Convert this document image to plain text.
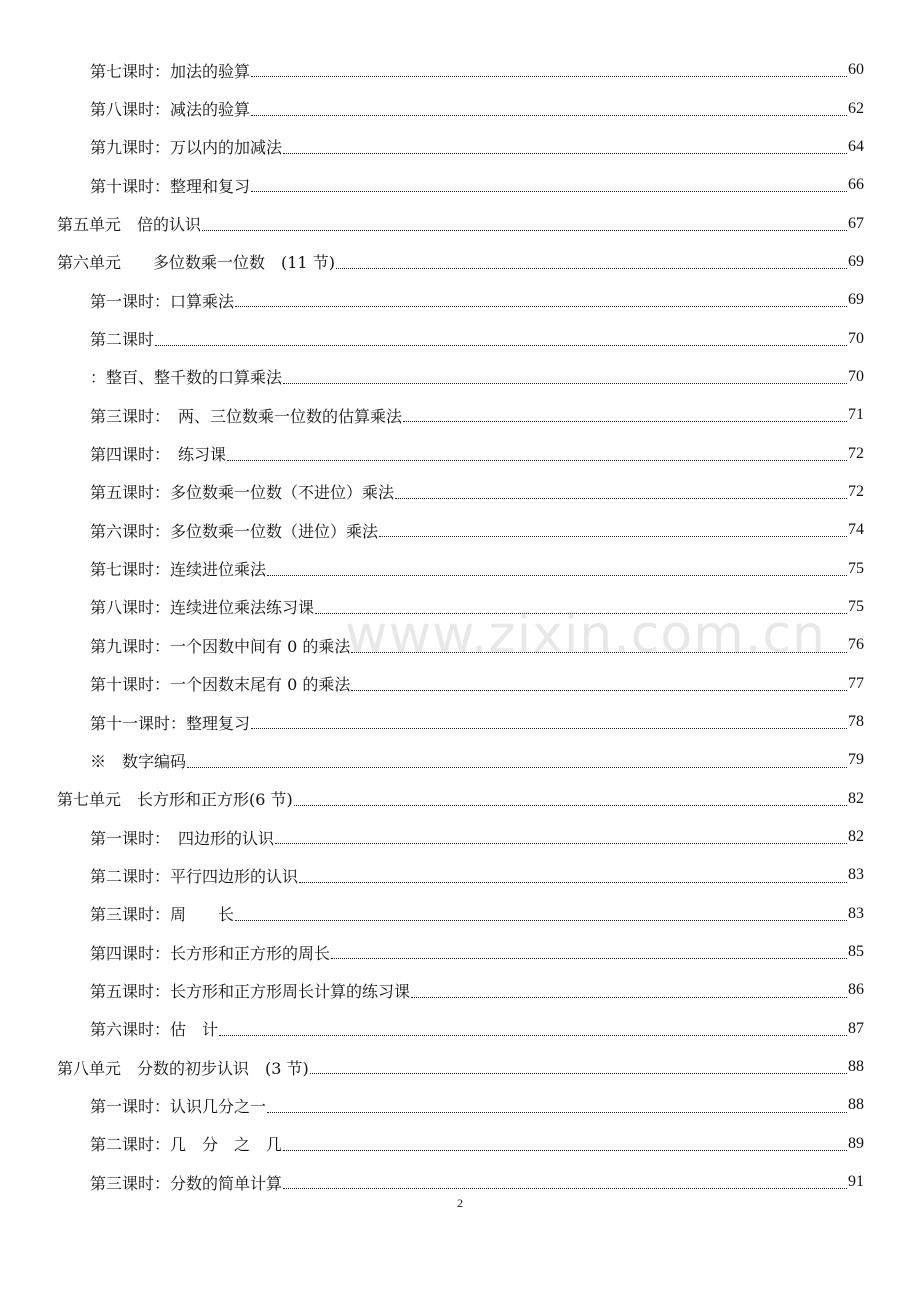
第七课时：加法的验算	60
第八课时：减法的验算	62
第九课时：万以内的加减法	64
第十课时：整理和复习	66
第五单元　倍的认识	67
第六单元　　多位数乘一位数　(11 节)	69
第一课时：口算乘法	69
第二课时	70
：整百、整千数的口算乘法	70
第三课时：　两、三位数乘一位数的估算乘法	71
第四课时：　练习课	72
第五课时：多位数乘一位数（不进位）乘法	72
第六课时：多位数乘一位数（进位）乘法	74
第七课时：连续进位乘法	75
第八课时：连续进位乘法练习课	75
第九课时：一个因数中间有 0 的乘法	76
第十课时：一个因数末尾有 0 的乘法	77
第十一课时：整理复习	78
※　数字编码	79
第七单元　长方形和正方形(6 节)	82
第一课时：　四边形的认识	82
第二课时：平行四边形的认识	83
第三课时：周　　长	83
第四课时：长方形和正方形的周长	85
第五课时：长方形和正方形周长计算的练习课	86
第六课时：估　计	87
第八单元　分数的初步认识　(3 节)	88
第一课时：认识几分之一	88
第二课时：几　分　之　几	89
第三课时：分数的简单计算	91
www.zixin.com.cn
2
